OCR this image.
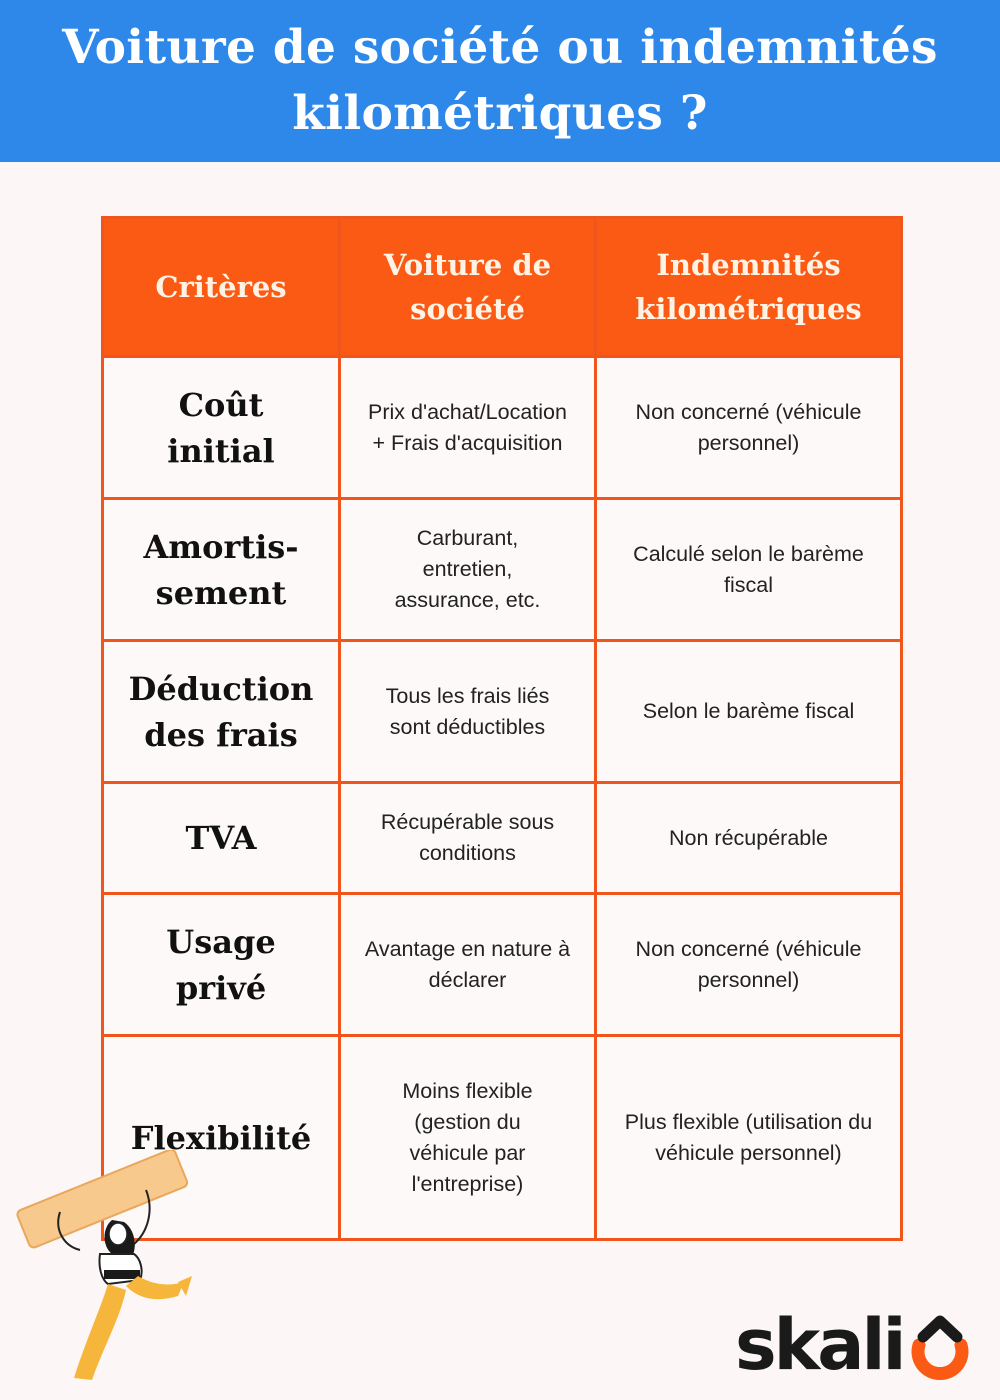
Voiture de société ou indemnités kilométriques ?
Critères	Voiture de société	Indemnités kilométriques
Coût initial	Prix d'achat/Location + Frais d'acquisition	Non concerné (véhicule personnel)
Amortis-sement	Carburant, entretien, assurance, etc.	Calculé selon le barème fiscal
Déduction des frais	Tous les frais liés sont déductibles	Selon le barème fiscal
TVA	Récupérable sous conditions	Non récupérable
Usage privé	Avantage en nature à déclarer	Non concerné (véhicule personnel)
Flexibilité	Moins flexible (gestion du véhicule par l'entreprise)	Plus flexible (utilisation du véhicule personnel)
skali
